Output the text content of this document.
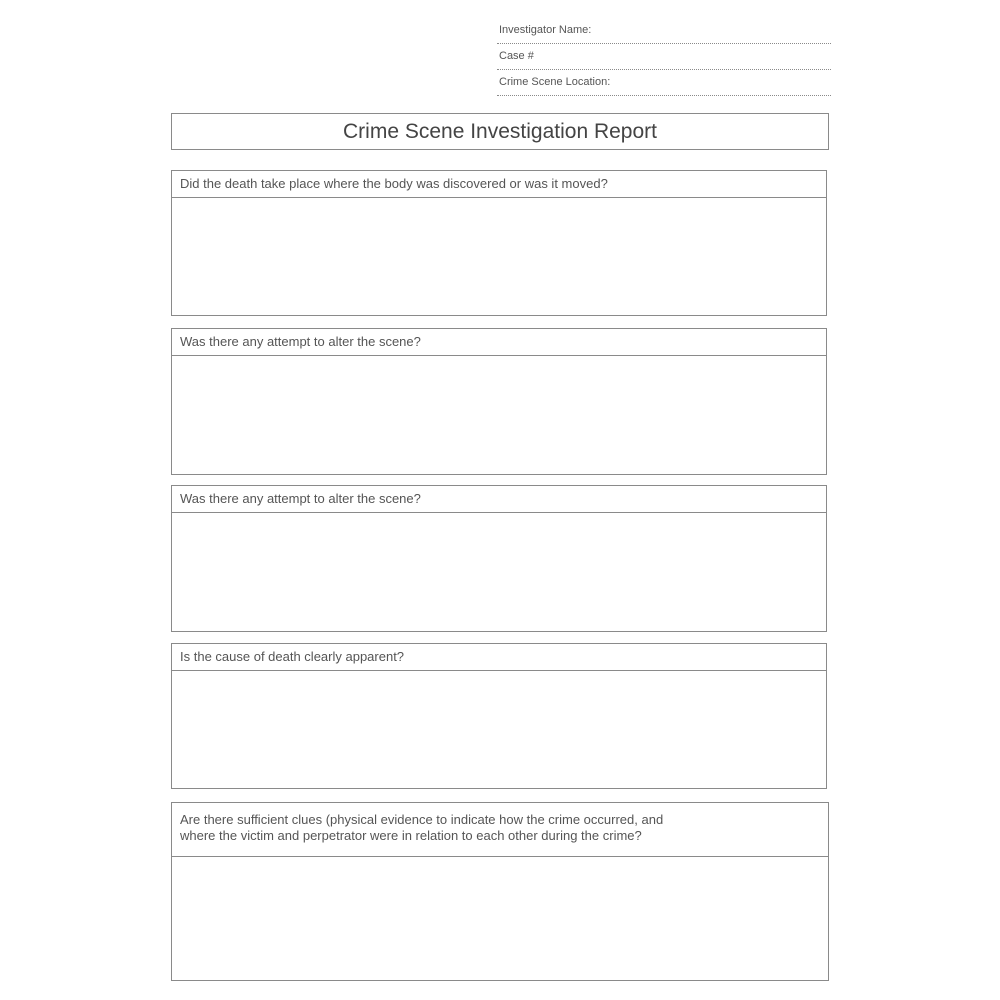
Investigator Name:
Case #
Crime Scene Location:
Crime Scene Investigation Report
Did the death take place where the body was discovered or was it moved?
Was there any attempt to alter the scene?
Was there any attempt to alter the scene?
Is the cause of death clearly apparent?
Are there sufficient clues (physical evidence to indicate how the crime occurred, and
where the victim and perpetrator were in relation to each other during the crime?
